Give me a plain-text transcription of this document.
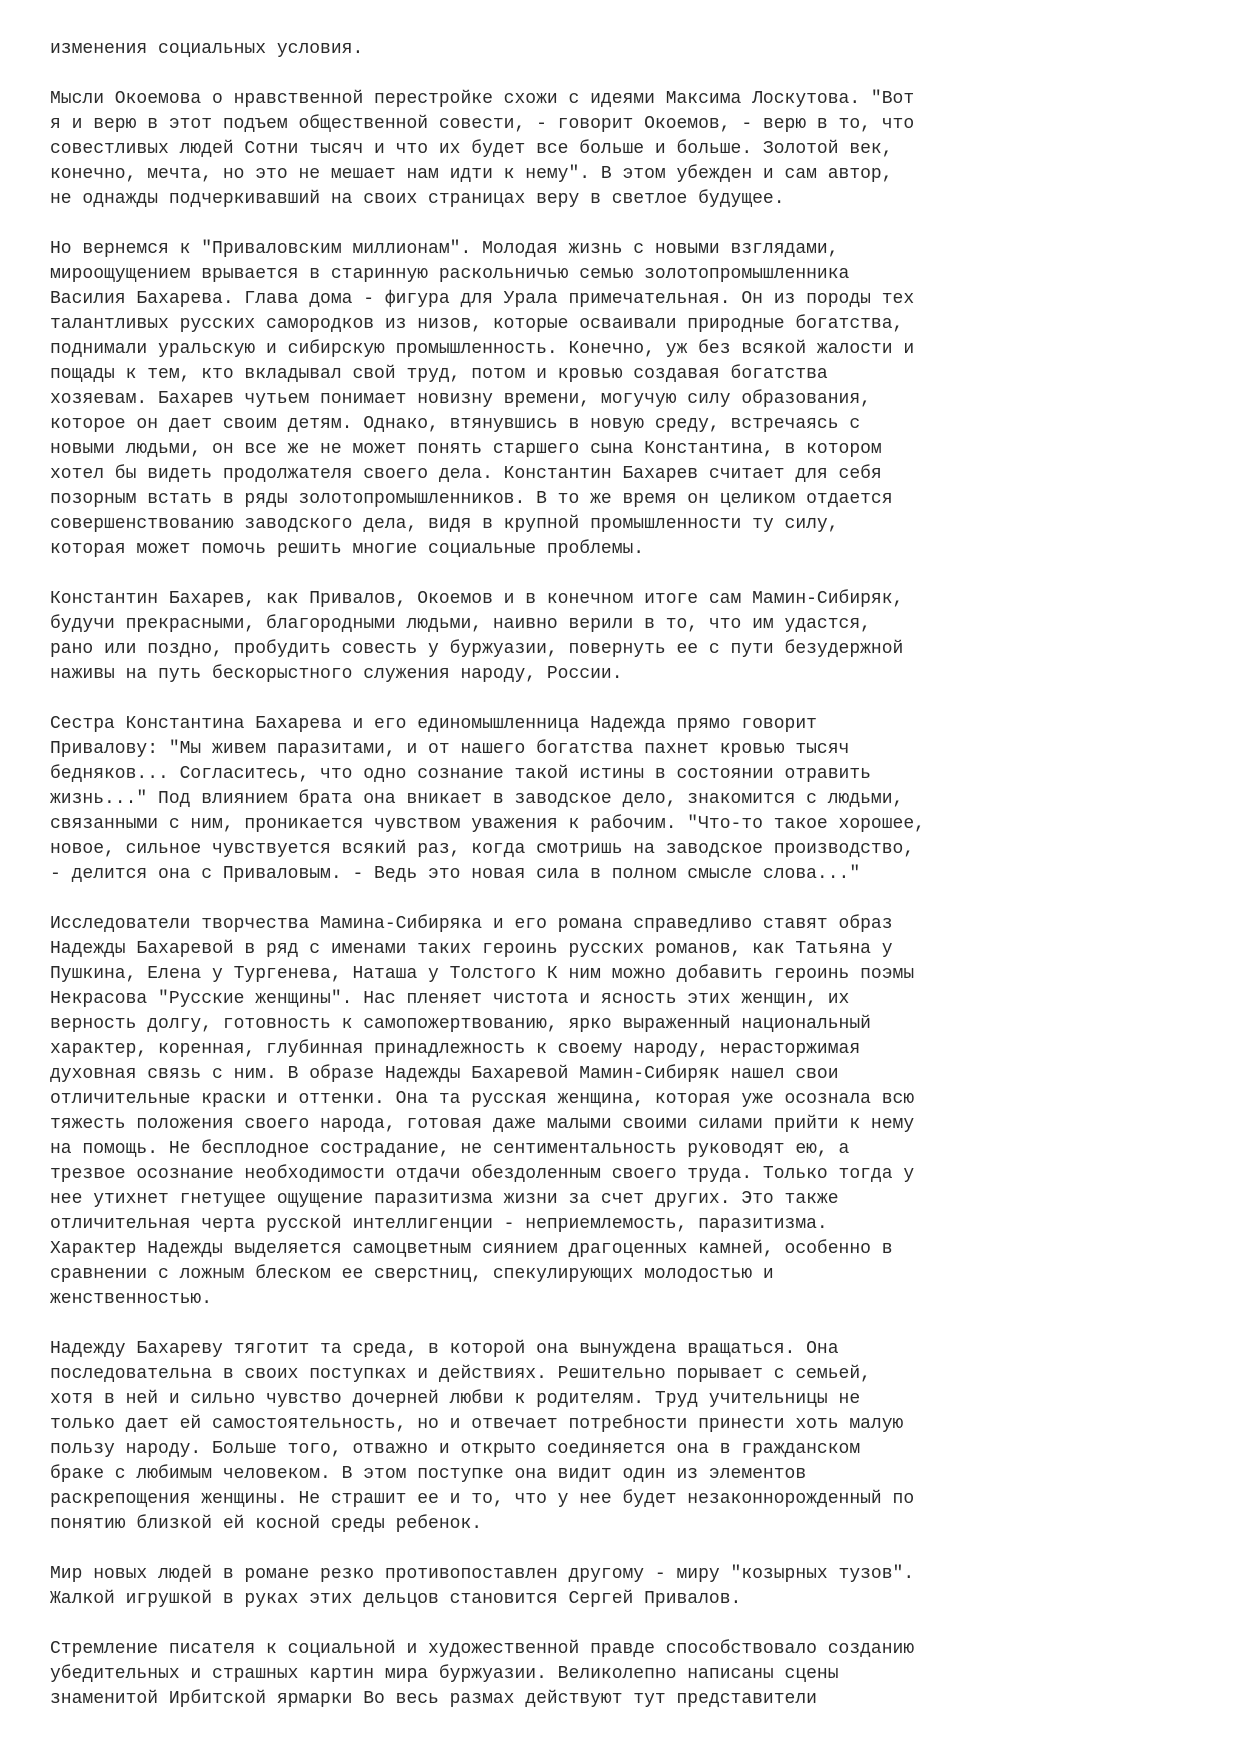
изменения социальных условия.
Мысли Окоемова о нравственной перестройке схожи с идеями Максима Лоскутова. "Вот
я и верю в этот подъем общественной совести, - говорит Окоемов, - верю в то, что
совестливых людей Сотни тысяч и что их будет все больше и больше. Золотой век,
конечно, мечта, но это не мешает нам идти к нему". В этом убежден и сам автор,
не однажды подчеркивавший на своих страницах веру в светлое будущее.
Но вернемся к "Приваловским миллионам". Молодая жизнь с новыми взглядами,
мироощущением врывается в старинную раскольничью семью золотопромышленника
Василия Бахарева. Глава дома - фигура для Урала примечательная. Он из породы тех
талантливых русских самородков из низов, которые осваивали природные богатства,
поднимали уральскую и сибирскую промышленность. Конечно, уж без всякой жалости и
пощады к тем, кто вкладывал свой труд, потом и кровью создавая богатства
хозяевам. Бахарев чутьем понимает новизну времени, могучую силу образования,
которое он дает своим детям. Однако, втянувшись в новую среду, встречаясь с
новыми людьми, он все же не может понять старшего сына Константина, в котором
хотел бы видеть продолжателя своего дела. Константин Бахарев считает для себя
позорным встать в ряды золотопромышленников. В то же время он целиком отдается
совершенствованию заводского дела, видя в крупной промышленности ту силу,
которая может помочь решить многие социальные проблемы.
Константин Бахарев, как Привалов, Окоемов и в конечном итоге сам Мамин-Сибиряк,
будучи прекрасными, благородными людьми, наивно верили в то, что им удастся,
рано или поздно, пробудить совесть у буржуазии, повернуть ее с пути безудержной
наживы на путь бескорыстного служения народу, России.
Сестра Константина Бахарева и его единомышленница Надежда прямо говорит
Привалову: "Мы живем паразитами, и от нашего богатства пахнет кровью тысяч
бедняков... Согласитесь, что одно сознание такой истины в состоянии отравить
жизнь..." Под влиянием брата она вникает в заводское дело, знакомится с людьми,
связанными с ним, проникается чувством уважения к рабочим. "Что-то такое хорошее,
новое, сильное чувствуется всякий раз, когда смотришь на заводское производство,
- делится она с Приваловым. - Ведь это новая сила в полном смысле слова..."
Исследователи творчества Мамина-Сибиряка и его романа справедливо ставят образ
Надежды Бахаревой в ряд с именами таких героинь русских романов, как Татьяна у
Пушкина, Елена у Тургенева, Наташа у Толстого К ним можно добавить героинь поэмы
Некрасова "Русские женщины". Нас пленяет чистота и ясность этих женщин, их
верность долгу, готовность к самопожертвованию, ярко выраженный национальный
характер, коренная, глубинная принадлежность к своему народу, нерасторжимая
духовная связь с ним. В образе Надежды Бахаревой Мамин-Сибиряк нашел свои
отличительные краски и оттенки. Она та русская женщина, которая уже осознала всю
тяжесть положения своего народа, готовая даже малыми своими силами прийти к нему
на помощь. Не бесплодное сострадание, не сентиментальность руководят ею, а
трезвое осознание необходимости отдачи обездоленным своего труда. Только тогда у
нее утихнет гнетущее ощущение паразитизма жизни за счет других. Это также
отличительная черта русской интеллигенции - неприемлемость, паразитизма.
Характер Надежды выделяется самоцветным сиянием драгоценных камней, особенно в
сравнении с ложным блеском ее сверстниц, спекулирующих молодостью и
женственностью.
Надежду Бахареву тяготит та среда, в которой она вынуждена вращаться. Она
последовательна в своих поступках и действиях. Решительно порывает с семьей,
хотя в ней и сильно чувство дочерней любви к родителям. Труд учительницы не
только дает ей самостоятельность, но и отвечает потребности принести хоть малую
пользу народу. Больше того, отважно и открыто соединяется она в гражданском
браке с любимым человеком. В этом поступке она видит один из элементов
раскрепощения женщины. Не страшит ее и то, что у нее будет незаконнорожденный по
понятию близкой ей косной среды ребенок.
Мир новых людей в романе резко противопоставлен другому - миру "козырных тузов".
Жалкой игрушкой в руках этих дельцов становится Сергей Привалов.
Стремление писателя к социальной и художественной правде способствовало созданию
убедительных и страшных картин мира буржуазии. Великолепно написаны сцены
знаменитой Ирбитской ярмарки Во весь размах действуют тут представители
